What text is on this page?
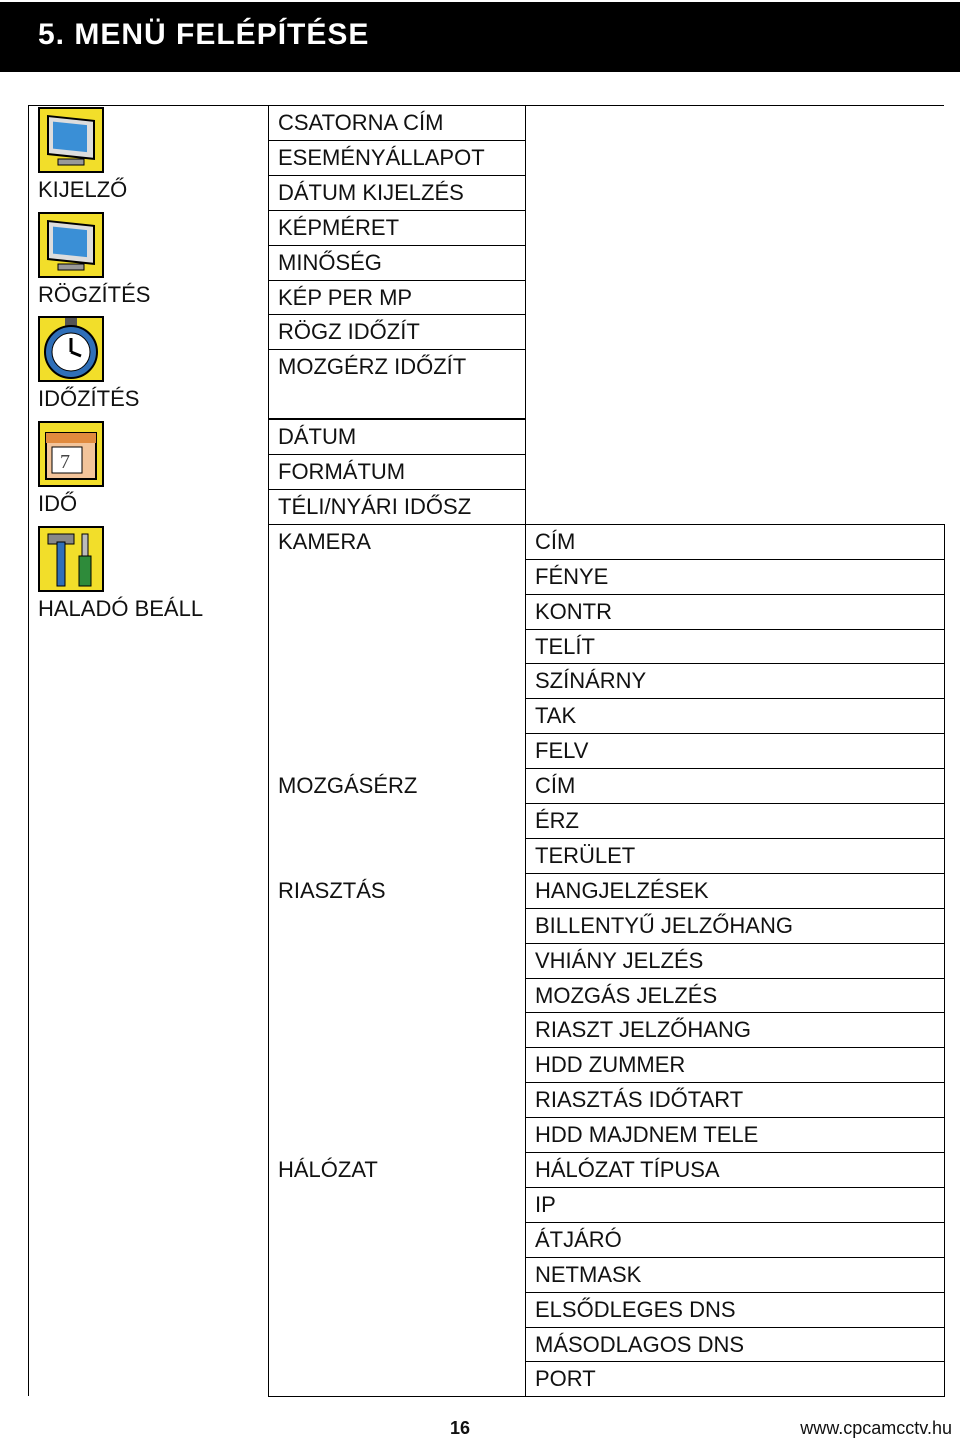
5. MENÜ FELÉPÍTÉSE
CSATORNA CÍM
ESEMÉNYÁLLAPOT
DÁTUM KIJELZÉS
KÉPMÉRET
MINŐSÉG
KÉP PER MP
RÖGZ IDŐZÍT
MOZGÉRZ IDŐZÍT
DÁTUM
FORMÁTUM
TÉLI/NYÁRI IDŐSZ
KAMERA
MOZGÁSÉRZ
RIASZTÁS
HÁLÓZAT
CÍM
FÉNYE
KONTR
TELÍT
SZÍNÁRNY
TAK
FELV
CÍM
ÉRZ
TERÜLET
HANGJELZÉSEK
BILLENTYŰ JELZŐHANG
VHIÁNY JELZÉS
MOZGÁS JELZÉS
RIASZT JELZŐHANG
HDD ZUMMER
RIASZTÁS IDŐTART
HDD MAJDNEM TELE
HÁLÓZAT TÍPUSA
IP
ÁTJÁRÓ
NETMASK
ELSŐDLEGES DNS
MÁSODLAGOS DNS
PORT
KIJELZŐ
RÖGZÍTÉS
IDŐZÍTÉS
7
IDŐ
HALADÓ BEÁLL
16	www.cpcamcctv.hu
